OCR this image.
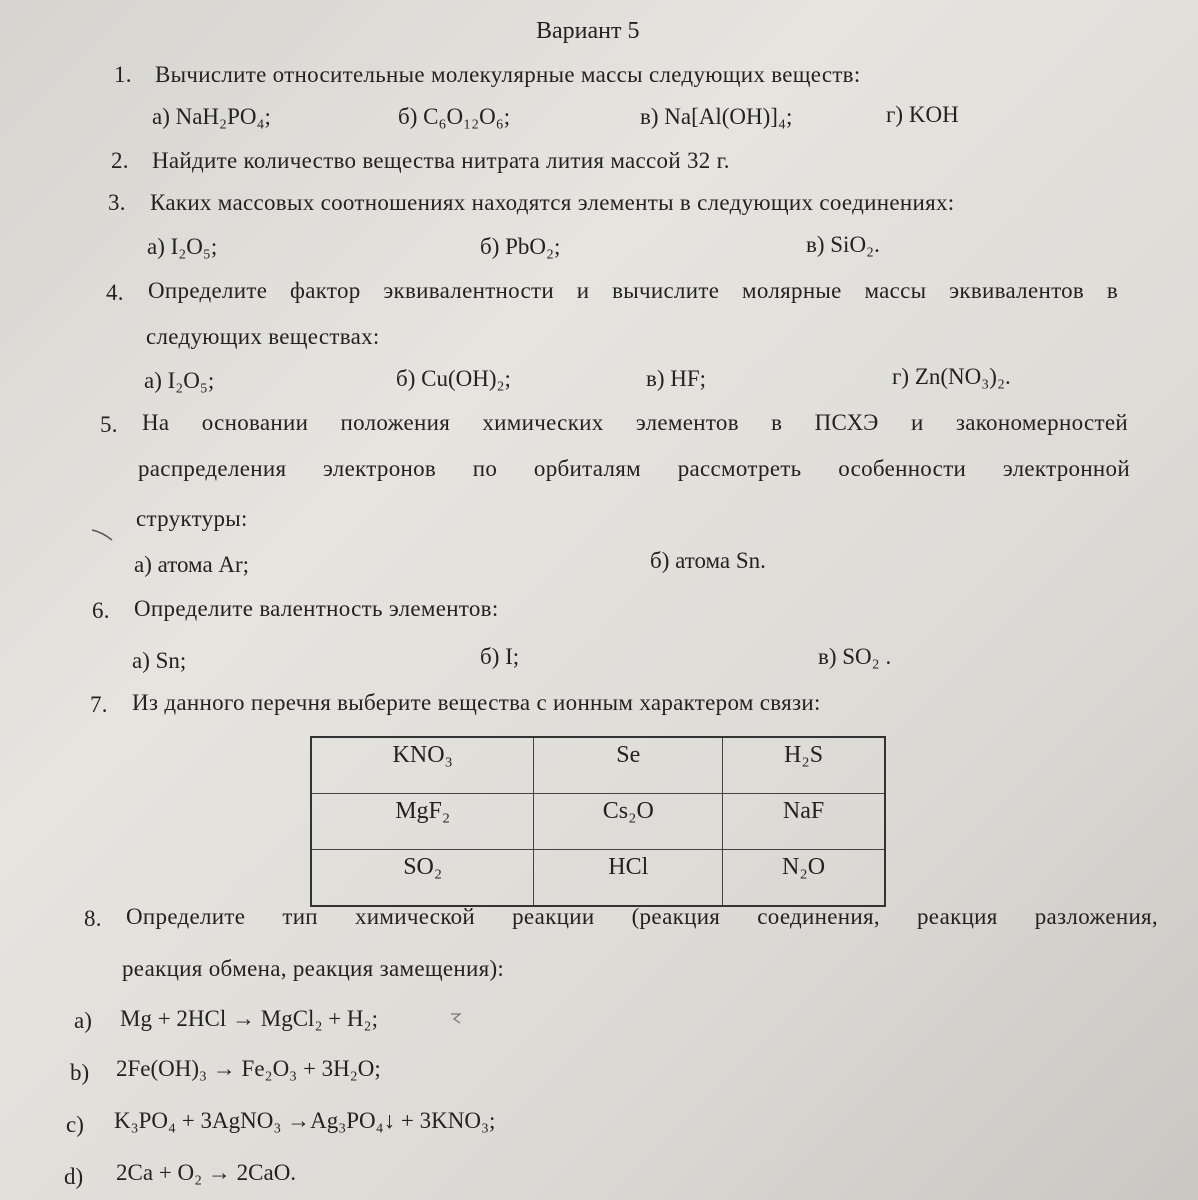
Вариант 5
1. Вычислите относительные молекулярные массы следующих веществ:
а) NaH₂PO₄;	б) C₆O₁₂O₆;	в) Na[Al(OH)]₄;	г) KOH
2. Найдите количество вещества нитрата лития массой 32 г.
3. Каких массовых соотношениях находятся элементы в следующих соединениях:
а) I₂O₅;	б) PbO₂;	в) SiO₂.
4. Определите фактор эквивалентности и вычислите молярные массы эквивалентов в
следующих веществах:
а) I₂O₅;	б) Cu(OH)₂;	в) HF;	г) Zn(NO₃)₂.
5. На основании положения химических элементов в ПСХЭ и закономерностей
распределения электронов по орбиталям рассмотреть особенности электронной
структуры:
а) атома Ar;	б) атома Sn.
6. Определите валентность элементов:
а) Sn;	б) I;	в) SO₂ .
7. Из данного перечня выберите вещества с ионным характером связи:
KNO₃	Se	H₂S
MgF₂	Cs₂O	NaF
SO₂	HCl	N₂O
8. Определите тип химической реакции (реакция соединения, реакция разложения,
реакция обмена, реакция замещения):
a) Mg + 2HCl → MgCl₂ + H₂;
b) 2Fe(OH)₃ → Fe₂O₃ + 3H₂O;
c) K₃PO₄ + 3AgNO₃ →Ag₃PO₄↓ + 3KNO₃;
d) 2Ca + O₂ → 2CaO.
